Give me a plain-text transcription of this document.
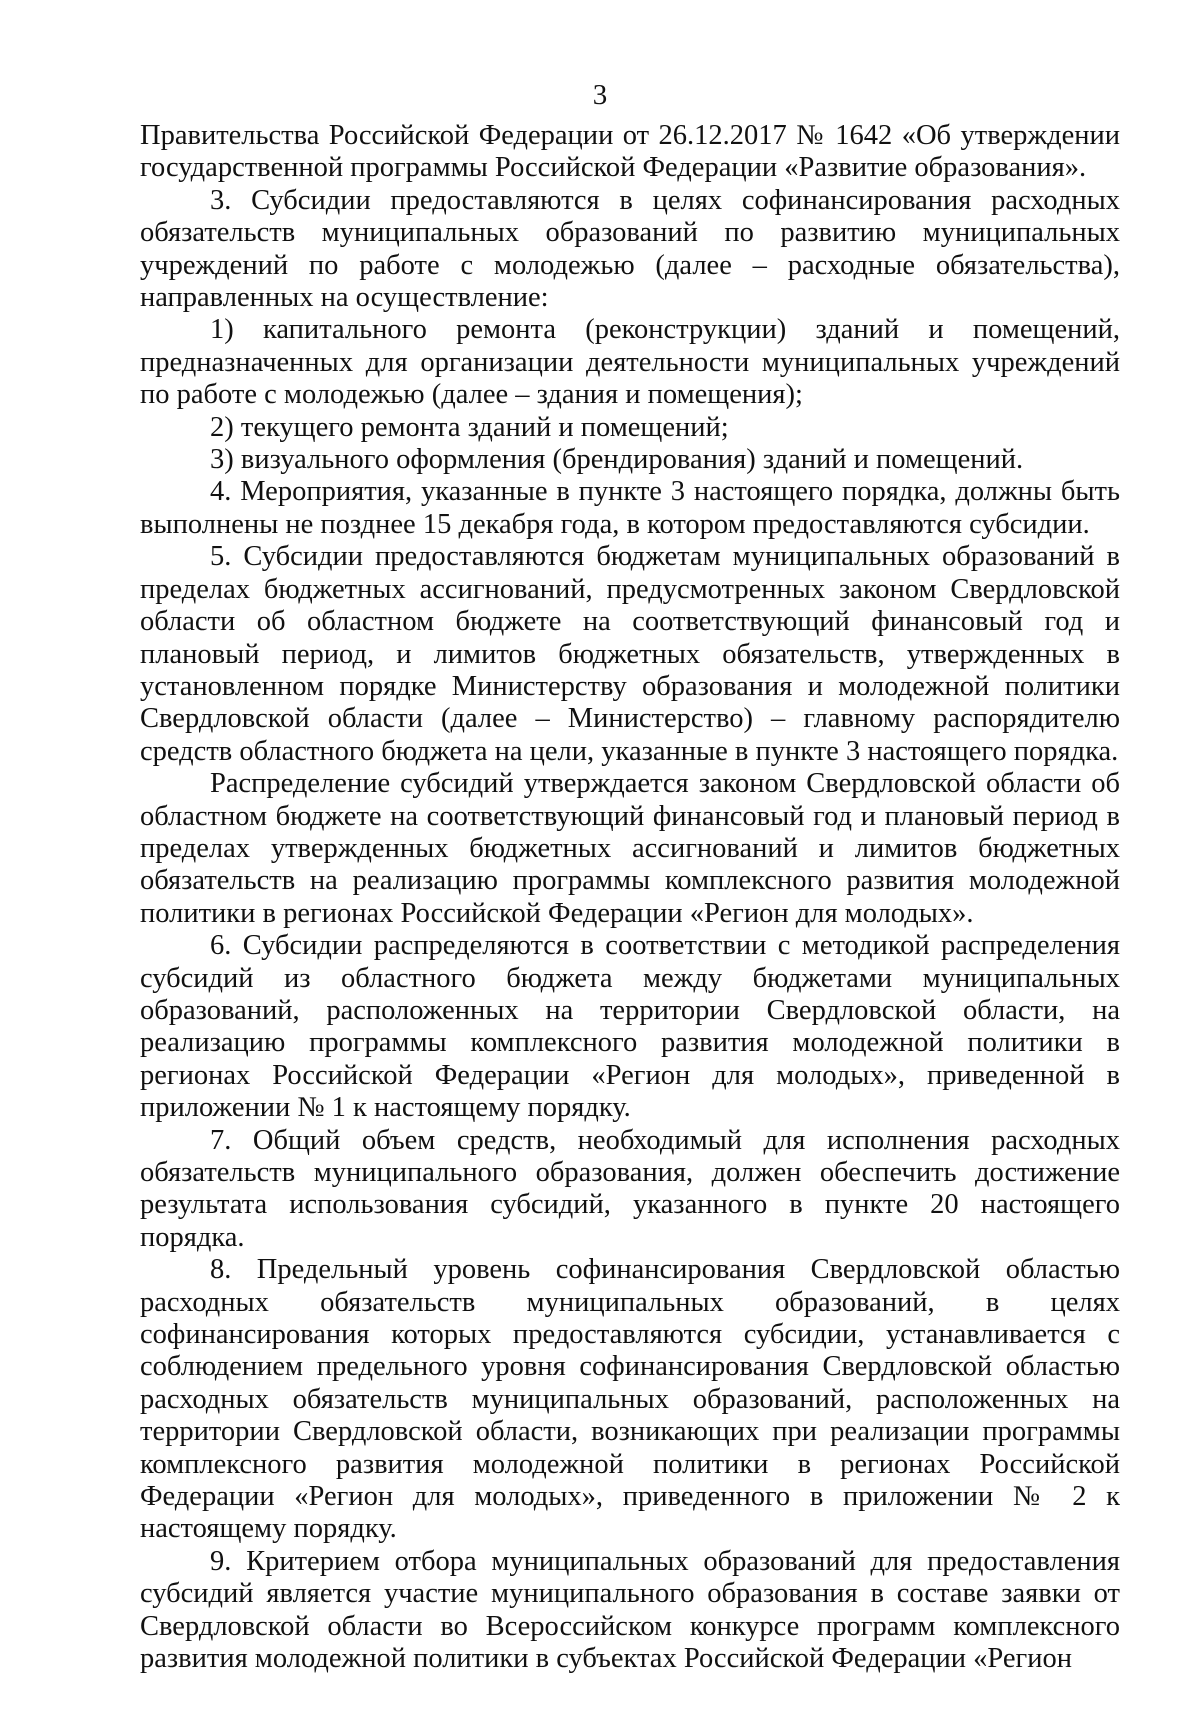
3

Правительства Российской Федерации от 26.12.2017 № 1642 «Об утверждении государственной программы Российской Федерации «Развитие образования».

3. Субсидии предоставляются в целях софинансирования расходных обязательств муниципальных образований по развитию муниципальных учреждений по работе с молодежью (далее – расходные обязательства), направленных на осуществление:

1) капитального ремонта (реконструкции) зданий и помещений, предназначенных для организации деятельности муниципальных учреждений по работе с молодежью (далее – здания и помещения);

2) текущего ремонта зданий и помещений;

3) визуального оформления (брендирования) зданий и помещений.

4. Мероприятия, указанные в пункте 3 настоящего порядка, должны быть выполнены не позднее 15 декабря года, в котором предоставляются субсидии.

5. Субсидии предоставляются бюджетам муниципальных образований в пределах бюджетных ассигнований, предусмотренных законом Свердловской области об областном бюджете на соответствующий финансовый год и плановый период, и лимитов бюджетных обязательств, утвержденных в установленном порядке Министерству образования и молодежной политики Свердловской области (далее – Министерство) – главному распорядителю средств областного бюджета на цели, указанные в пункте 3 настоящего порядка.

Распределение субсидий утверждается законом Свердловской области об областном бюджете на соответствующий финансовый год и плановый период в пределах утвержденных бюджетных ассигнований и лимитов бюджетных обязательств на реализацию программы комплексного развития молодежной политики в регионах Российской Федерации «Регион для молодых».

6. Субсидии распределяются в соответствии с методикой распределения субсидий из областного бюджета между бюджетами муниципальных образований, расположенных на территории Свердловской области, на реализацию программы комплексного развития молодежной политики в регионах Российской Федерации «Регион для молодых», приведенной в приложении № 1 к настоящему порядку.

7. Общий объем средств, необходимый для исполнения расходных обязательств муниципального образования, должен обеспечить достижение результата использования субсидий, указанного в пункте 20 настоящего порядка.

8. Предельный уровень софинансирования Свердловской областью расходных обязательств муниципальных образований, в целях софинансирования которых предоставляются субсидии, устанавливается с соблюдением предельного уровня софинансирования Свердловской областью расходных обязательств муниципальных образований, расположенных на территории Свердловской области, возникающих при реализации программы комплексного развития молодежной политики в регионах Российской Федерации «Регион для молодых», приведенного в приложении № 2 к настоящему порядку.

9. Критерием отбора муниципальных образований для предоставления субсидий является участие муниципального образования в составе заявки от Свердловской области во Всероссийском конкурсе программ комплексного развития молодежной политики в субъектах Российской Федерации «Регион
